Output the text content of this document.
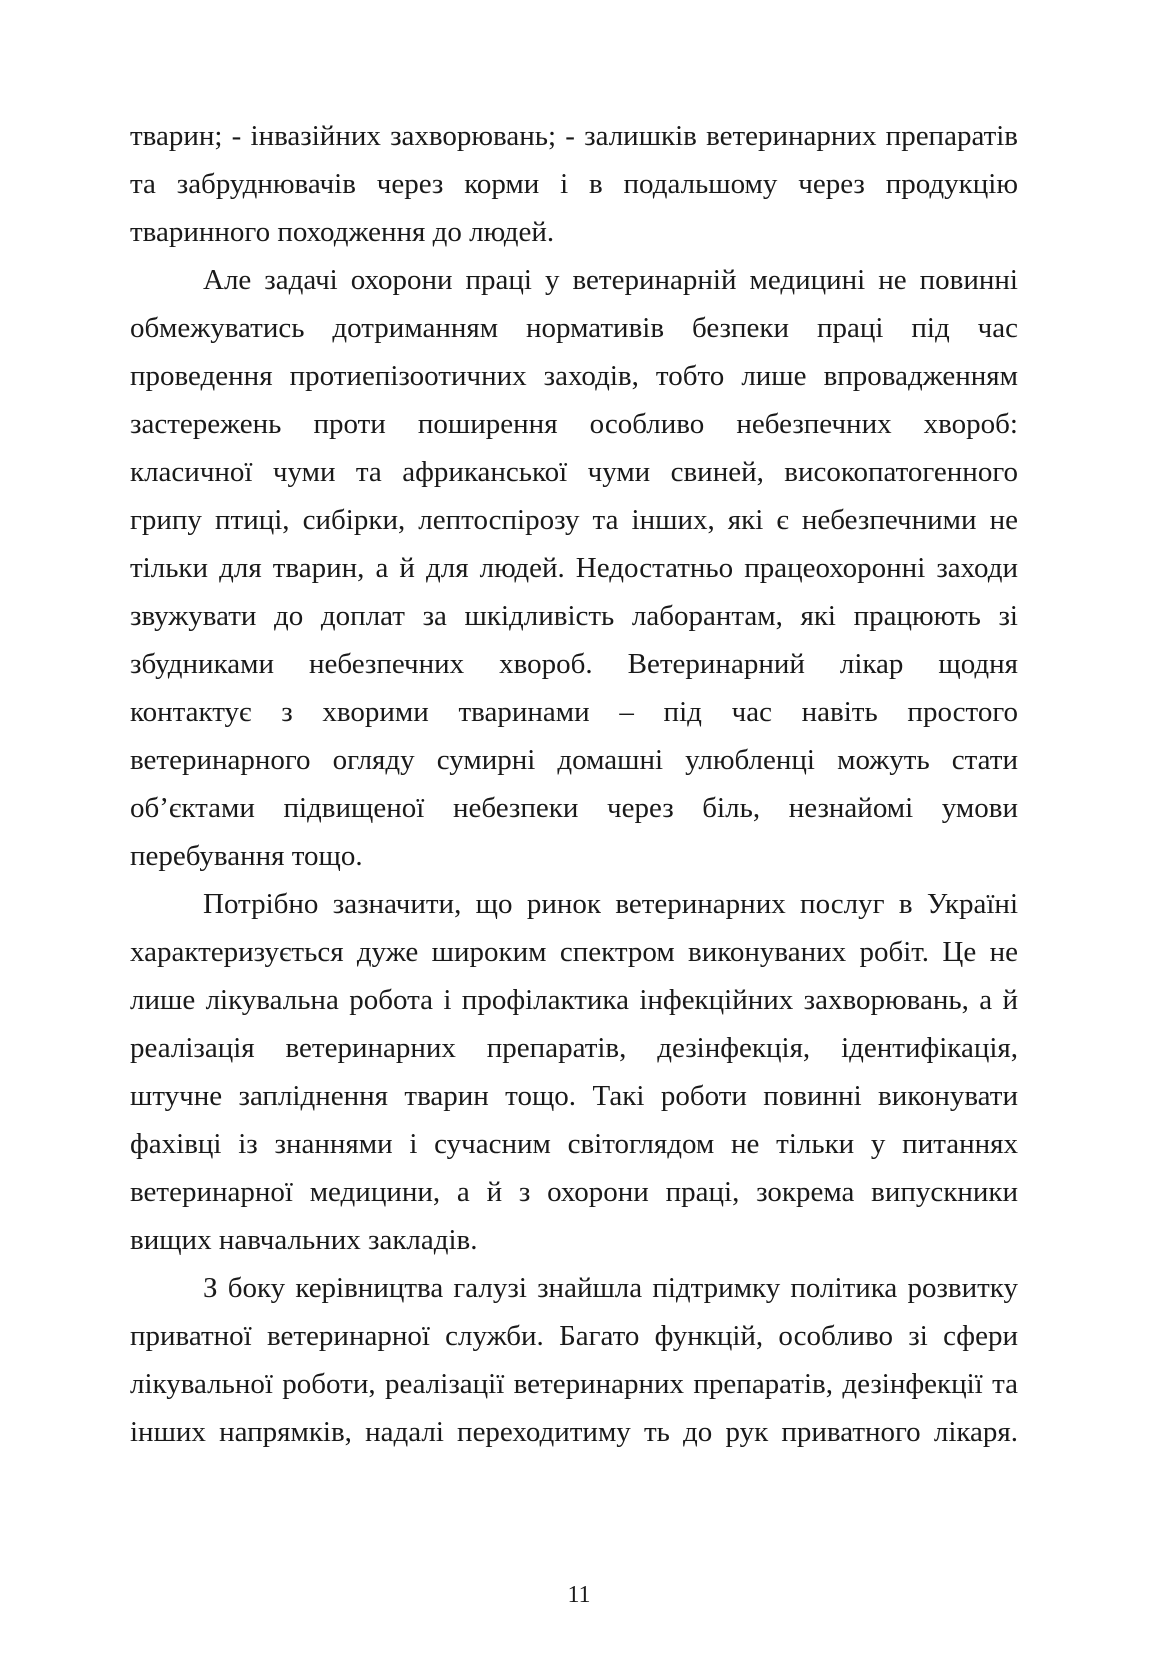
тварин; - інвазійних захворювань; - залишків ветеринарних препаратів
та забруднювачів через корми і в подальшому через продукцію
тваринного походження до людей.
Але задачі охорони праці у ветеринарній медицині не повинні
обмежуватись дотриманням нормативів безпеки праці під час
проведення протиепізоотичних заходів, тобто лише впровадженням
застережень проти поширення особливо небезпечних хвороб:
класичної чуми та африканської чуми свиней, високопатогенного
грипу птиці, сибірки, лептоспірозу та інших, які є небезпечними не
тільки для тварин, а й для людей. Недостатньо працеохоронні заходи
звужувати до доплат за шкідливість лаборантам, які працюють зі
збудниками небезпечних хвороб. Ветеринарний лікар щодня
контактує з хворими тваринами – під час навіть простого
ветеринарного огляду сумирні домашні улюбленці можуть стати
об’єктами підвищеної небезпеки через біль, незнайомі умови
перебування тощо.
Потрібно зазначити, що ринок ветеринарних послуг в Україні
характеризується дуже широким спектром виконуваних робіт. Це не
лише лікувальна робота і профілактика інфекційних захворювань, а й
реалізація ветеринарних препаратів, дезінфекція, ідентифікація,
штучне запліднення тварин тощо. Такі роботи повинні виконувати
фахівці із знаннями і сучасним світоглядом не тільки у питаннях
ветеринарної медицини, а й з охорони праці, зокрема випускники
вищих навчальних закладів.
З боку керівництва галузі знайшла підтримку політика розвитку
приватної ветеринарної служби. Багато функцій, особливо зі сфери
лікувальної роботи, реалізації ветеринарних препаратів, дезінфекції та
інших напрямків, надалі переходитиму ть до рук приватного лікаря.
11
